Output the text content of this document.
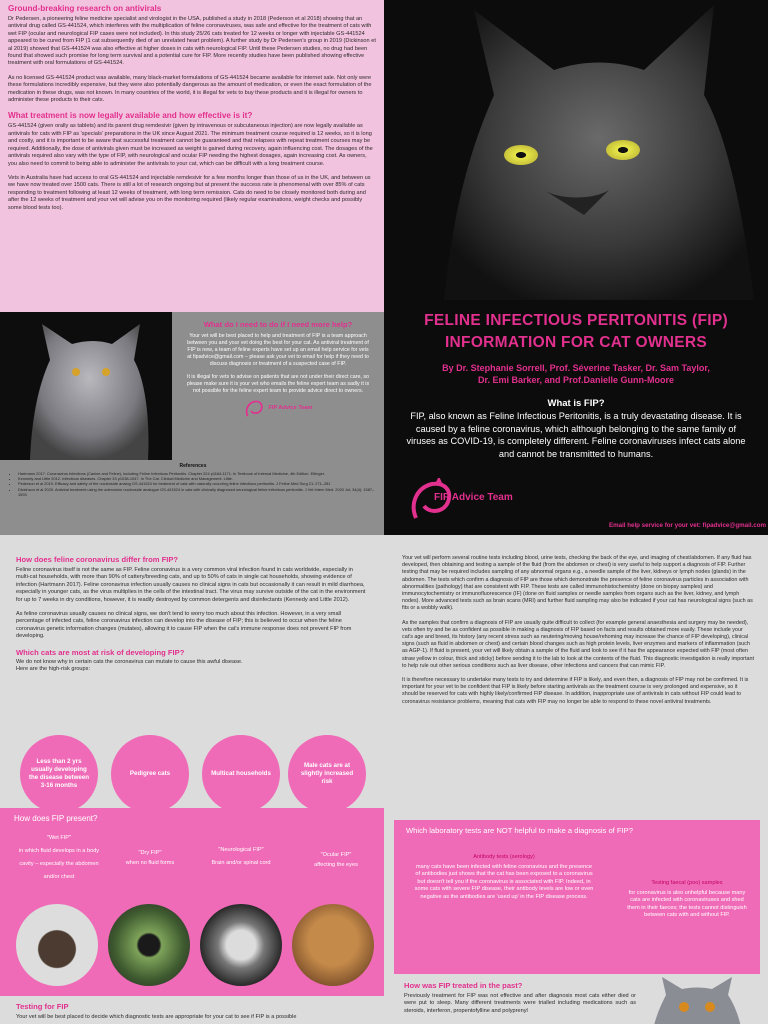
Ground-breaking research on antivirals

Dr Pedersen, a pioneering feline medicine specialist and virologist in the USA, published a study in 2018 (Pederson et al 2018) showing that an antiviral drug called GS-441524, which interferes with the multiplication of feline coronaviruses, was safe and effective for the treatment of cats with wet FIP (ocular and neurological FIP cases were not included). In this study 25/26 cats treated for 12 weeks or longer with injectable GS-441524 appeared to be cured from FIP (1 cat subsequently died of an unrelated heart problem). A further study by Dr Pedersen's group in 2019 (Dickinson et al 2019) showed that GS-441524 was also effective at higher doses in cats with neurological FIP. Until these Pedersen studies, no drug had been found that showed such promise for long term survival and a potential cure for FIP. More recently studies have been published showing effective treatment with oral formulations of GS-441524.

As no licensed GS-441524 product was available, many black-market formulations of GS-441524 became available for internet sale. Not only were these formulations incredibly expensive, but they were also potentially dangerous as the amount of medication, or even the exact formulation of the medication in these drugs, was not known. In many countries of the world, it is illegal for vets to buy these products and it is illegal for owners to administer these products to their cats.

What treatment is now legally available and how effective is it?

GS-441524 (given orally as tablets) and its parent drug remdesivir (given by intravenous or subcutaneous injection) are now legally available as antivirals for cats with FIP as 'specials' preparations in the UK since August 2021. The minimum treatment course required is 12 weeks, so it is long and costly, and it is important to be aware that successful treatment cannot be guaranteed and that relapses with repeat treatment courses may be required. Additionally, the dose of antivirals given must be increased as weight is gained during recovery, again influencing cost. The dosages of the antivirals required also vary with the type of FIP, with neurological and ocular FIP needing the highest dosages, again increasing cost. As owners, you also need to commit to being able to administer the antivirals to your cat, which can be difficult with a long treatment course.

Vets in Australia have had access to oral GS-441524 and injectable remdesivir for a few months longer than those of us in the UK, and between us we have now treated over 1500 cats. There is still a lot of research ongoing but at present the success rate is phenomenal with over 85% of cats responding to treatment following at least 12 weeks of treatment, with long term remission. Cats do need to be closely monitored both during and after the 12 weeks of treatment and your vet will advise you on the monitoring required (likely regular examinations, weight checks and possibly some blood tests too).

FELINE INFECTIOUS PERITONITIS (FIP)
INFORMATION FOR CAT OWNERS
By Dr. Stephanie Sorrell, Prof. Séverine Tasker, Dr. Sam Taylor,
Dr. Emi Barker, and Prof.Danielle Gunn-Moore
What is FIP?
FIP, also known as Feline Infectious Peritonitis, is a truly devastating disease. It is caused by a feline coronavirus, which although belonging to the same family of viruses as COVID-19, is completely different. Feline coronaviruses infect cats alone and cannot be transmitted to humans.
FIP Advice Team
Email help service for your vet: fipadvice@gmail.com
What do I need to do if I need more help?
Your vet will be best placed to help and treatment of FIP is a team approach between you and your vet doing the best for your cat. As antiviral treatment of FIP is new, a team of feline experts have set up an email help service for vets at fipadvice@gmail.com – please ask your vet to email for help if they need to discuss diagnosis or treatment of a suspected case of FIP.
It is illegal for vets to advise on patients that are not under their direct care, so please make sure it is your vet who emails the feline expert team as sadly it is not possible for the feline expert team to provide advice direct to owners.
FIP Advice Team
References
• Hartmann 2017. Coronavirus Infections (Canine and Feline), including Feline Infectious Peritonitis. Chapter 224 p1164-1171. In Textbook of Internal Medicine, 4th Edition. Ettinger.
• Kennedy and Little 2012. Infectious diseases. Chapter 33 p1038-1047. In The Cat. Clinical Medicine and Management. Little.
• Pederson et al 2019. Efficacy and safety of the nucleoside analog GS-441524 for treatment of cats with naturally occurring feline infectious peritonitis. J Feline Med Surg 21: 271–281
• Dickinson et al 2020. Antiviral treatment using the adenosine nucleoside analogue GS-441524 in cats with clinically diagnosed neurological feline infectious peritonitis. J Vet Intern Med. 2020 Jul; 34(4): 1587–1593
How does feline coronavirus differ from FIP?

Feline coronavirus itself is not the same as FIP. Feline coronavirus is a very common viral infection found in cats worldwide, especially in multi-cat households, with more than 90% of cattery/breeding cats, and up to 50% of cats in single cat households, showing evidence of infection (Hartmann 2017). Feline coronavirus infection usually causes no clinical signs in cats but occasionally it can result in mild diarrhoea, especially in younger cats, as the virus multiplies in the cells of the intestinal tract. The virus may survive outside of the cat in the environment for up to 7 weeks in dry conditions, however, it is readily destroyed by common detergents and disinfectants (Kennedy and Little 2012).

As feline coronavirus usually causes no clinical signs, we don't tend to worry too much about this infection. However, in a very small percentage of infected cats, feline coronavirus infection can develop into the disease of FIP; this is believed to occur when the feline coronavirus genetic information changes (mutates), allowing it to cause FIP when the cat's immune response does not prevent FIP from developing.

Which cats are most at risk of developing FIP?
We do not know why in certain cats the coronavirus can mutate to cause this awful disease.
Here are the high-risk groups:
Less than 2 yrs usually developing the disease between 3-16 months
Pedigree cats	Multicat households
Male cats are at slightly increased risk
How does FIP present?
"Wet FIP"
in which fluid develops in a body cavity – especially the abdomen and/or chest
"Dry FIP"
when no fluid forms
"Neurological FIP"
Brain and/or spinal cord
"Ocular FIP"
affecting the eyes
Testing for FIP
Your vet will be best placed to decide which diagnostic tests are appropriate for your cat to see if FIP is a possible

Your vet will perform several routine tests including blood, urine tests, checking the back of the eye, and imaging of chest/abdomen. If any fluid has developed, then obtaining and testing a sample of the fluid (from the abdomen or chest) is very useful to help support a diagnosis of FIP. Further testing that may be required includes sampling of any abnormal organs e.g., a needle sample of the liver, kidneys or lymph nodes (glands) in the abdomen. The tests which confirm a diagnosis of FIP are those which demonstrate the presence of feline coronavirus particles in association with abnormalities (pathology) that are consistent with FIP. These tests are called immunohistochemistry (done on biopsy samples) and immunocytochemistry or immunofluorescence (IF) (done on fluid samples or needle samples from organs such as the liver, kidney, and lymph nodes). More advanced tests such as brain scans (MRI) and further fluid sampling may also be indicated if your cat has neurological signs (such as fits or a wobbly walk).

As the samples that confirm a diagnosis of FIP are usually quite difficult to collect (for example general anaesthesia and surgery may be needed), vets often try and be as confident as possible in making a diagnosis of FIP based on facts and results obtained more easily. These include your cat's age and breed, its history (any recent stress such as neutering/moving house/rehoming may increase the chance of FIP developing), clinical signs (such as fluid in abdomen or chest) and certain blood changes such as high protein levels, liver enzymes and markers of inflammation (such as AGP-1). If fluid is present, your vet will likely obtain a sample of the fluid and look to see if it has the appearance expected with FIP (most often straw yellow in colour, thick and sticky) before sending it to the lab to look at the contents of the fluid. This diagnostic investigation is really important to help rule out other serious conditions such as liver disease, other infections and cancers that can mimic FIP.

It is therefore necessary to undertake many tests to try and determine if FIP is likely, and even then, a diagnosis of FIP may not be confirmed. It is important for your vet to be confident that FIP is likely before starting antivirals as the treatment course is very prolonged and expensive, so it should be reserved for cats with highly likely/confirmed FIP disease. In addition, inappropriate use of antivirals in cats without FIP could lead to coronavirus resistance problems, meaning that cats with FIP may no longer be able to respond to these novel antiviral treatments.

Which laboratory tests are NOT helpful to make a diagnosis of FIP?
Antibody tests (serology)
many cats have been infected with feline coronavirus and the presence of antibodies just shows that the cat has been exposed to a coronavirus but doesn't tell you if the coronavirus is associated with FIP. Indeed, in some cats with severe FIP disease, their antibody levels are low or even negative as the antibodies are 'used up' in the FIP disease process.
Testing faecal (poo) samples
for coronavirus is also unhelpful because many cats are infected with coronaviruses and shed them in their faeces; the tests cannot distinguish between cats with and without FIP.
How was FIP treated in the past?
Previously treatment for FIP was not effective and after diagnosis most cats either died or were put to sleep. Many different treatments were trialled including medications such as steroids, interferon, propentofylline and polyprenyl
